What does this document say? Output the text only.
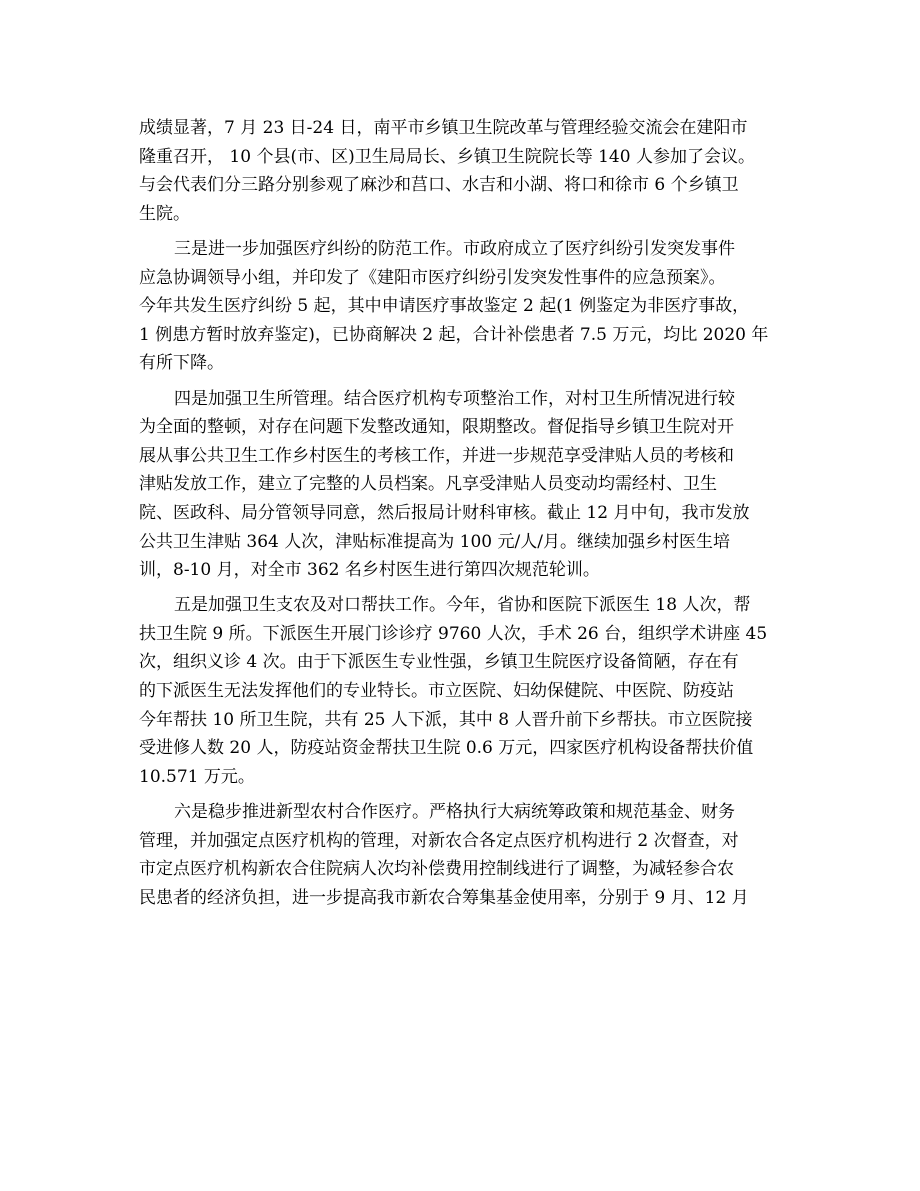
成绩显著，7 月 23 日-24 日，南平市乡镇卫生院改革与管理经验交流会在建阳市
隆重召开， 10 个县(市、区)卫生局局长、乡镇卫生院院长等 140 人参加了会议。
与会代表们分三路分别参观了麻沙和莒口、水吉和小湖、将口和徐市 6 个乡镇卫
生院。
三是进一步加强医疗纠纷的防范工作。市政府成立了医疗纠纷引发突发事件
应急协调领导小组，并印发了《建阳市医疗纠纷引发突发性事件的应急预案》。
今年共发生医疗纠纷 5 起，其中申请医疗事故鉴定 2 起(1 例鉴定为非医疗事故，
1 例患方暂时放弃鉴定)，已协商解决 2 起，合计补偿患者 7.5 万元，均比 2020 年
有所下降。
四是加强卫生所管理。结合医疗机构专项整治工作，对村卫生所情况进行较
为全面的整顿，对存在问题下发整改通知，限期整改。督促指导乡镇卫生院对开
展从事公共卫生工作乡村医生的考核工作，并进一步规范享受津贴人员的考核和
津贴发放工作，建立了完整的人员档案。凡享受津贴人员变动均需经村、卫生
院、医政科、局分管领导同意，然后报局计财科审核。截止 12 月中旬，我市发放
公共卫生津贴 364 人次，津贴标准提高为 100 元/人/月。继续加强乡村医生培
训，8-10 月，对全市 362 名乡村医生进行第四次规范轮训。
五是加强卫生支农及对口帮扶工作。今年，省协和医院下派医生 18 人次，帮
扶卫生院 9 所。下派医生开展门诊诊疗 9760 人次，手术 26 台，组织学术讲座 45
次，组织义诊 4 次。由于下派医生专业性强，乡镇卫生院医疗设备简陋，存在有
的下派医生无法发挥他们的专业特长。市立医院、妇幼保健院、中医院、防疫站
今年帮扶 10 所卫生院，共有 25 人下派，其中 8 人晋升前下乡帮扶。市立医院接
受进修人数 20 人，防疫站资金帮扶卫生院 0.6 万元，四家医疗机构设备帮扶价值
10.571 万元。
六是稳步推进新型农村合作医疗。严格执行大病统筹政策和规范基金、财务
管理，并加强定点医疗机构的管理，对新农合各定点医疗机构进行 2 次督查，对
市定点医疗机构新农合住院病人次均补偿费用控制线进行了调整，为减轻参合农
民患者的经济负担，进一步提高我市新农合筹集基金使用率，分别于 9 月、12 月
